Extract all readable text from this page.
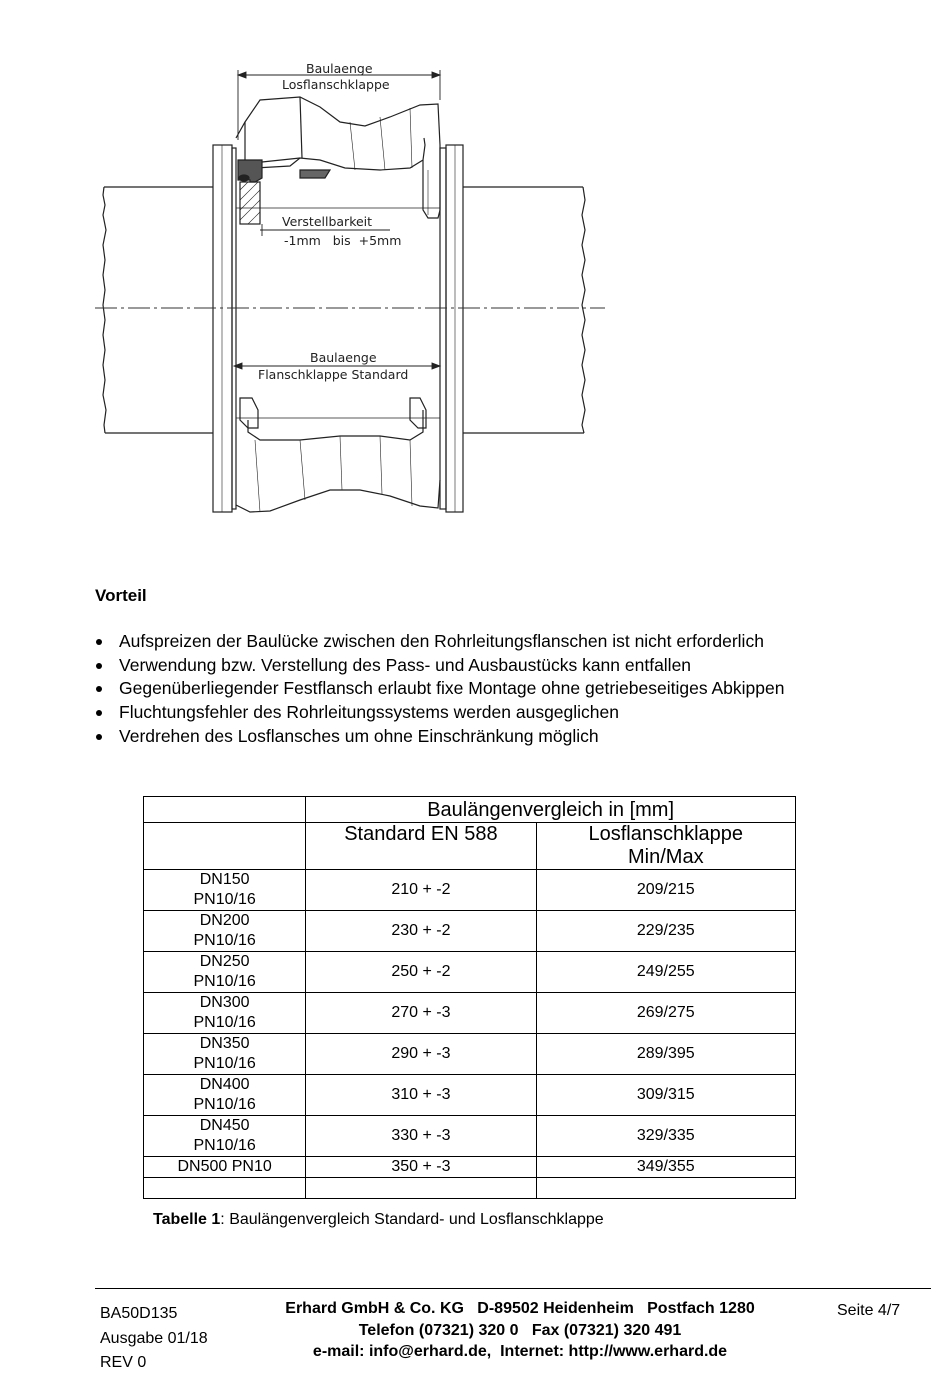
Baulaenge
Losflanschklappe
Verstellbarkeit
-1mm   bis  +5mm
Baulaenge
Flanschklappe Standard
Vorteil
Aufspreizen der Baulücke zwischen den Rohrleitungsflanschen ist nicht erforderlich
Verwendung bzw. Verstellung des Pass- und Ausbaustücks kann entfallen
Gegenüberliegender Festflansch erlaubt fixe Montage ohne getriebeseitiges Abkippen
Fluchtungsfehler des Rohrleitungssystems werden ausgeglichen
Verdrehen des Losflansches um ohne Einschränkung möglich
	Baulängenvergleich in [mm]	
	Standard EN 588	Losflanschklappe
Min/Max

DN150
PN10/16	210 + -2	209/215

DN200
PN10/16	230 + -2	229/235

DN250
PN10/16	250 + -2	249/255

DN300
PN10/16	270 + -3	269/275

DN350
PN10/16	290 + -3	289/395

DN400
PN10/16	310 + -3	309/315

DN450
PN10/16	330 + -3	329/335
DN500 PN10	350 + -3	349/355

Tabelle 1: Baulängenvergleich Standard- und Losflanschklappe
BA50D135
Ausgabe 01/18
REV 0
Erhard GmbH & Co. KG   D-89502 Heidenheim   Postfach 1280
Telefon (07321) 320 0   Fax (07321) 320 491
e-mail: info@erhard.de,  Internet: http://www.erhard.de
Seite 4/7
